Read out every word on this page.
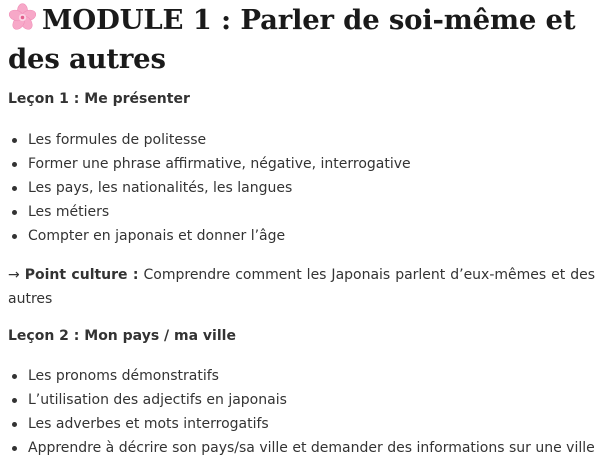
MODULE 1 : Parler de soi-même et des autres
Leçon 1 : Me présenter
Les formules de politesse
Former une phrase affirmative, négative, interrogative
Les pays, les nationalités, les langues
Les métiers
Compter en japonais et donner l’âge

→ Point culture : Comprendre comment les Japonais parlent d’eux-mêmes et des autres

Leçon 2 : Mon pays / ma ville
Les pronoms démonstratifs
L’utilisation des adjectifs en japonais
Les adverbes et mots interrogatifs
Apprendre à décrire son pays/sa ville et demander des informations sur une ville
